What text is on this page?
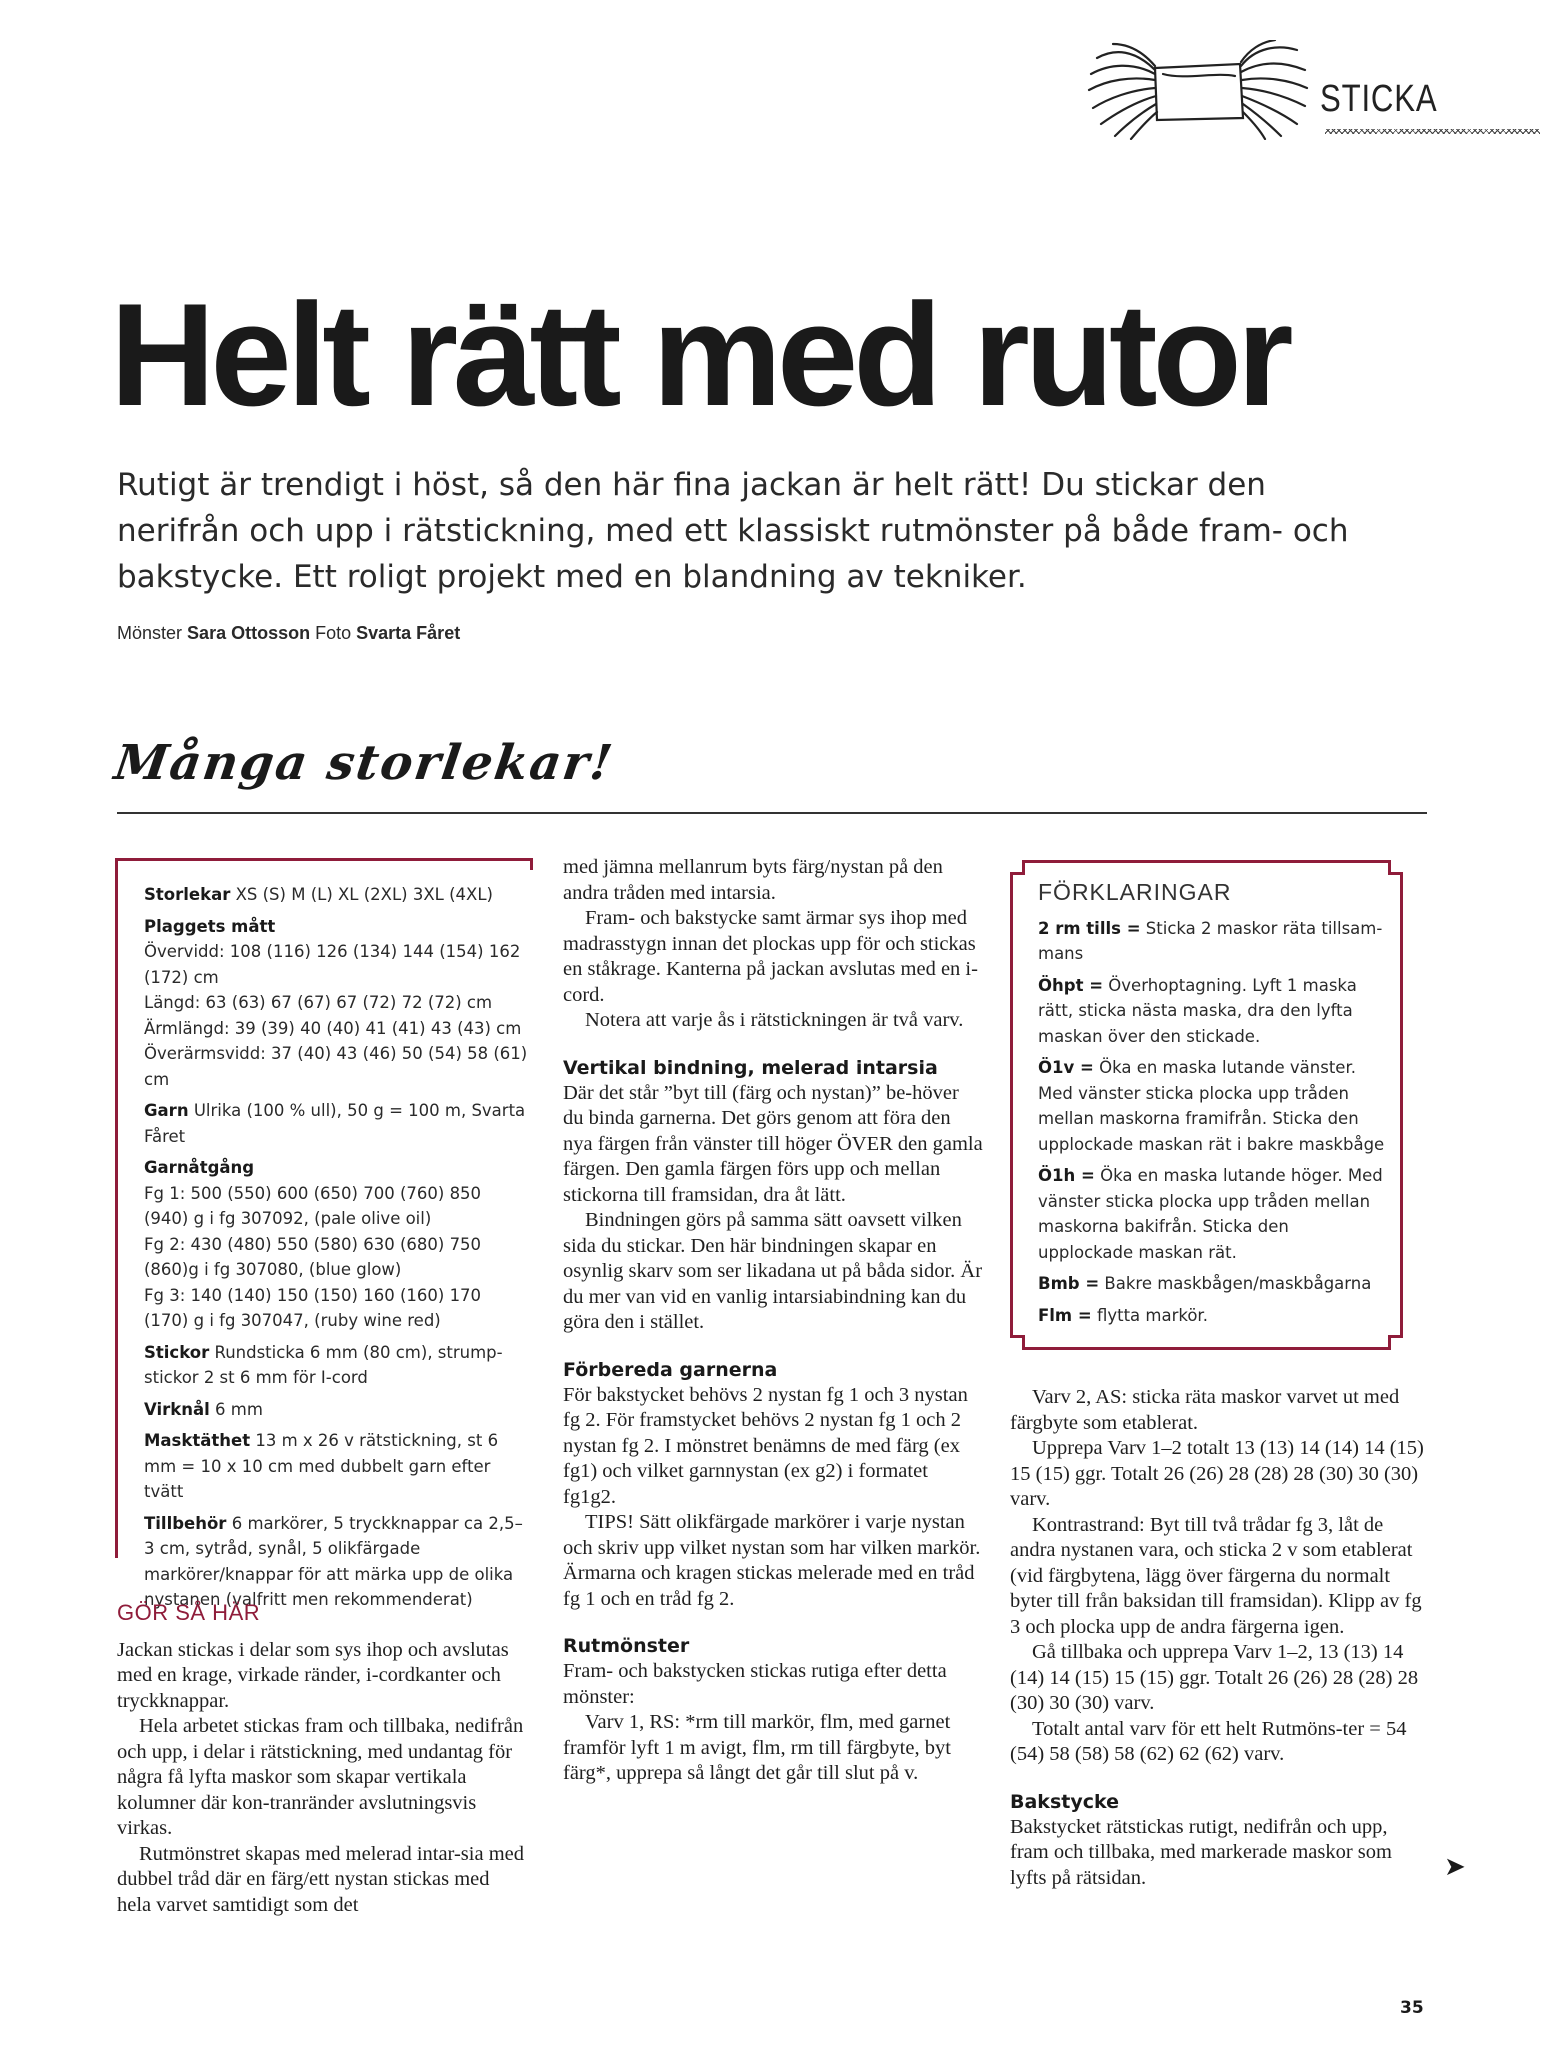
STICKA
Helt rätt med rutor

Rutigt är trendigt i höst, så den här fina jackan är helt rätt! Du stickar den nerifrån och upp i rätstickning, med ett klassiskt rutmönster på både fram- och bakstycke. Ett roligt projekt med en blandning av tekniker.

Mönster Sara Ottosson Foto Svarta Fåret

Många storlekar!

Storlekar XS (S) M (L) XL (2XL) 3XL (4XL)

Plaggets mått
Övervidd: 108 (116) 126 (134) 144 (154) 162 (172) cm
Längd: 63 (63) 67 (67) 67 (72) 72 (72) cm
Ärmlängd: 39 (39) 40 (40) 41 (41) 43 (43) cm
Överärmsvidd: 37 (40) 43 (46) 50 (54) 58 (61) cm

Garn Ulrika (100 % ull), 50 g = 100 m, Svarta Fåret

Garnåtgång
Fg 1: 500 (550) 600 (650) 700 (760) 850 (940) g i fg 307092, (pale olive oil)
Fg 2: 430 (480) 550 (580) 630 (680) 750 (860)g i fg 307080, (blue glow)
Fg 3: 140 (140) 150 (150) 160 (160) 170 (170) g i fg 307047, (ruby wine red)

Stickor Rundsticka 6 mm (80 cm), strump-stickor 2 st 6 mm för I-cord

Virknål 6 mm

Masktäthet 13 m x 26 v rätstickning, st 6 mm = 10 x 10 cm med dubbelt garn efter tvätt

Tillbehör 6 markörer, 5 tryckknappar ca 2,5–3 cm, sytråd, synål, 5 olikfärgade markörer/knappar för att märka upp de olika nystanen (valfritt men rekommenderat)

GÖR SÅ HÄR

Jackan stickas i delar som sys ihop och avslutas med en krage, virkade ränder, i-cordkanter och tryckknappar.

Hela arbetet stickas fram och tillbaka, nedifrån och upp, i delar i rätstickning, med undantag för några få lyfta maskor som skapar vertikala kolumner där kon-tranränder avslutningsvis virkas.

Rutmönstret skapas med melerad intar-sia med dubbel tråd där en färg/ett nystan stickas med hela varvet samtidigt som det

med jämna mellanrum byts färg/nystan på den andra tråden med intarsia.

Fram- och bakstycke samt ärmar sys ihop med madrasstygn innan det plockas upp för och stickas en ståkrage. Kanterna på jackan avslutas med en i-cord.

Notera att varje ås i rätstickningen är två varv.

Vertikal bindning, melerad intarsia

Där det står ”byt till (färg och nystan)” be-höver du binda garnerna. Det görs genom att föra den nya färgen från vänster till höger ÖVER den gamla färgen. Den gamla färgen förs upp och mellan stickorna till framsidan, dra åt lätt.

Bindningen görs på samma sätt oavsett vilken sida du stickar. Den här bindningen skapar en osynlig skarv som ser likadana ut på båda sidor. Är du mer van vid en vanlig intarsiabindning kan du göra den i stället.

Förbereda garnerna

För bakstycket behövs 2 nystan fg 1 och 3 nystan fg 2. För framstycket behövs 2 nystan fg 1 och 2 nystan fg 2. I mönstret benämns de med färg (ex fg1) och vilket garnnystan (ex g2) i formatet fg1g2.

TIPS! Sätt olikfärgade markörer i varje nystan och skriv upp vilket nystan som har vilken markör. Ärmarna och kragen stickas melerade med en tråd fg 1 och en tråd fg 2.

Rutmönster

Fram- och bakstycken stickas rutiga efter detta mönster:

Varv 1, RS: *rm till markör, flm, med garnet framför lyft 1 m avigt, flm, rm till färgbyte, byt färg*, upprepa så långt det går till slut på v.

FÖRKLARINGAR

2 rm tills = Sticka 2 maskor räta tillsam-mans

Öhpt = Överhoptagning. Lyft 1 maska rätt, sticka nästa maska, dra den lyfta maskan över den stickade.

Ö1v = Öka en maska lutande vänster. Med vänster sticka plocka upp tråden mellan maskorna framifrån. Sticka den upplockade maskan rät i bakre maskbåge

Ö1h = Öka en maska lutande höger. Med vänster sticka plocka upp tråden mellan maskorna bakifrån. Sticka den upplockade maskan rät.

Bmb = Bakre maskbågen/maskbågarna

Flm = flytta markör.

Varv 2, AS: sticka räta maskor varvet ut med färgbyte som etablerat.

Upprepa Varv 1–2 totalt 13 (13) 14 (14) 14 (15) 15 (15) ggr. Totalt 26 (26) 28 (28) 28 (30) 30 (30) varv.

Kontrastrand: Byt till två trådar fg 3, låt de andra nystanen vara, och sticka 2 v som etablerat (vid färgbytena, lägg över färgerna du normalt byter till från baksidan till framsidan). Klipp av fg 3 och plocka upp de andra färgerna igen.

Gå tillbaka och upprepa Varv 1–2, 13 (13) 14 (14) 14 (15) 15 (15) ggr. Totalt 26 (26) 28 (28) 28 (30) 30 (30) varv.

Totalt antal varv för ett helt Rutmöns-ter = 54 (54) 58 (58) 58 (62) 62 (62) varv.

Bakstycke

Bakstycket rätstickas rutigt, nedifrån och upp, fram och tillbaka, med markerade maskor som lyfts på rätsidan.	➤
35
